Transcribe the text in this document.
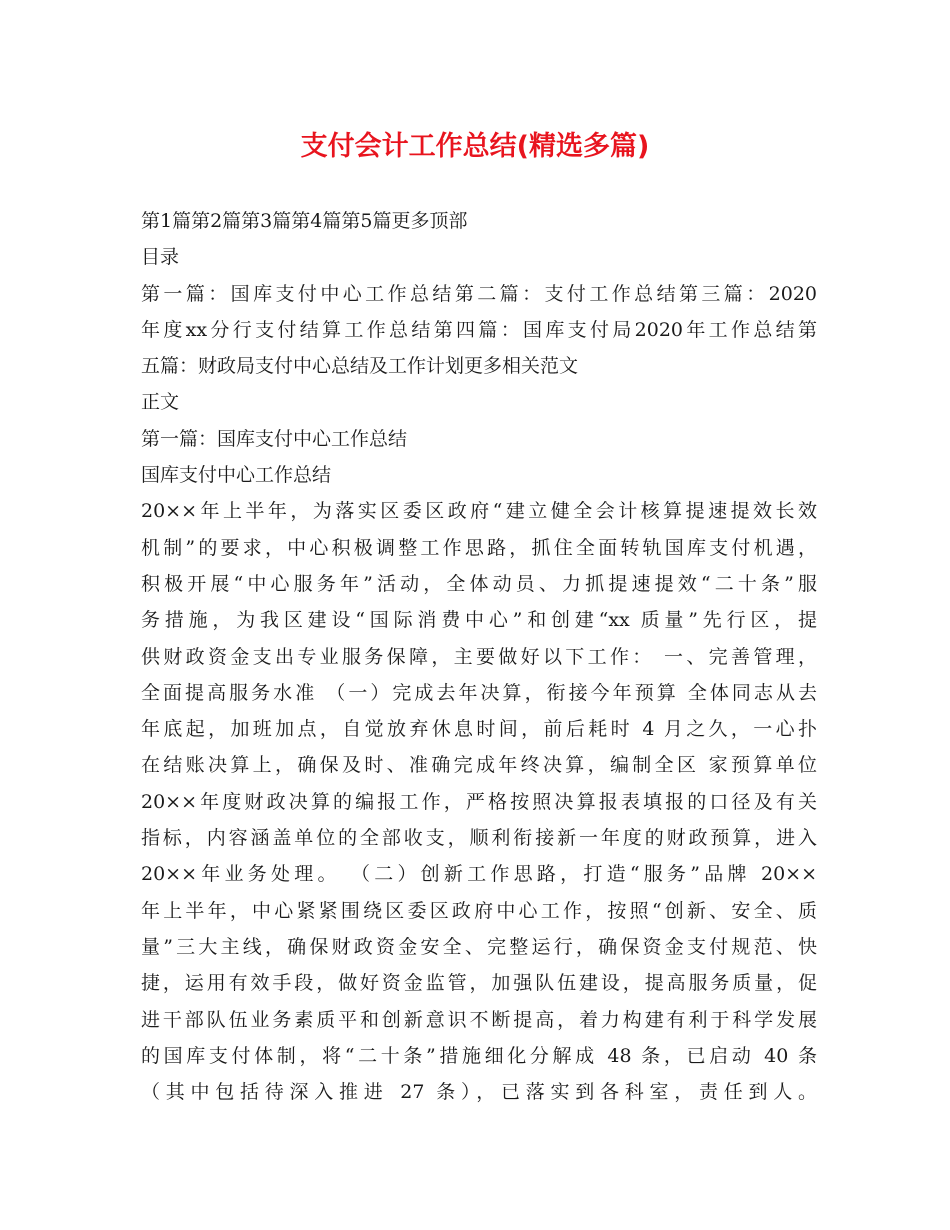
支付会计工作总结(精选多篇)
第1篇第2篇第3篇第4篇第5篇更多顶部
目录
第一篇：国库支付中心工作总结第二篇：支付工作总结第三篇：2020
年度xx分行支付结算工作总结第四篇：国库支付局2020年工作总结第
五篇：财政局支付中心总结及工作计划更多相关范文
正文
第一篇：国库支付中心工作总结
国库支付中心工作总结
20××年上半年，为落实区委区政府“建立健全会计核算提速提效长效
机制”的要求，中心积极调整工作思路，抓住全面转轨国库支付机遇，
积极开展“中心服务年”活动，全体动员、力抓提速提效“二十条”服
务措施，为我区建设“国际消费中心”和创建“xx 质量”先行区，提
供财政资金支出专业服务保障，主要做好以下工作： 一、完善管理，
全面提高服务水准 （一）完成去年决算，衔接今年预算 全体同志从去
年底起，加班加点，自觉放弃休息时间，前后耗时 4 月之久，一心扑
在结账决算上，确保及时、准确完成年终决算，编制全区 家预算单位
20××年度财政决算的编报工作，严格按照决算报表填报的口径及有关
指标，内容涵盖单位的全部收支，顺利衔接新一年度的财政预算，进入
20××年业务处理。 （二）创新工作思路，打造“服务”品牌 20××
年上半年，中心紧紧围绕区委区政府中心工作，按照“创新、安全、质
量”三大主线，确保财政资金安全、完整运行，确保资金支付规范、快
捷，运用有效手段，做好资金监管，加强队伍建设，提高服务质量，促
进干部队伍业务素质平和创新意识不断提高，着力构建有利于科学发展
的国库支付体制，将“二十条”措施细化分解成 48 条，已启动 40 条
（其中包括待深入推进 27 条），已落实到各科室，责任到人。
